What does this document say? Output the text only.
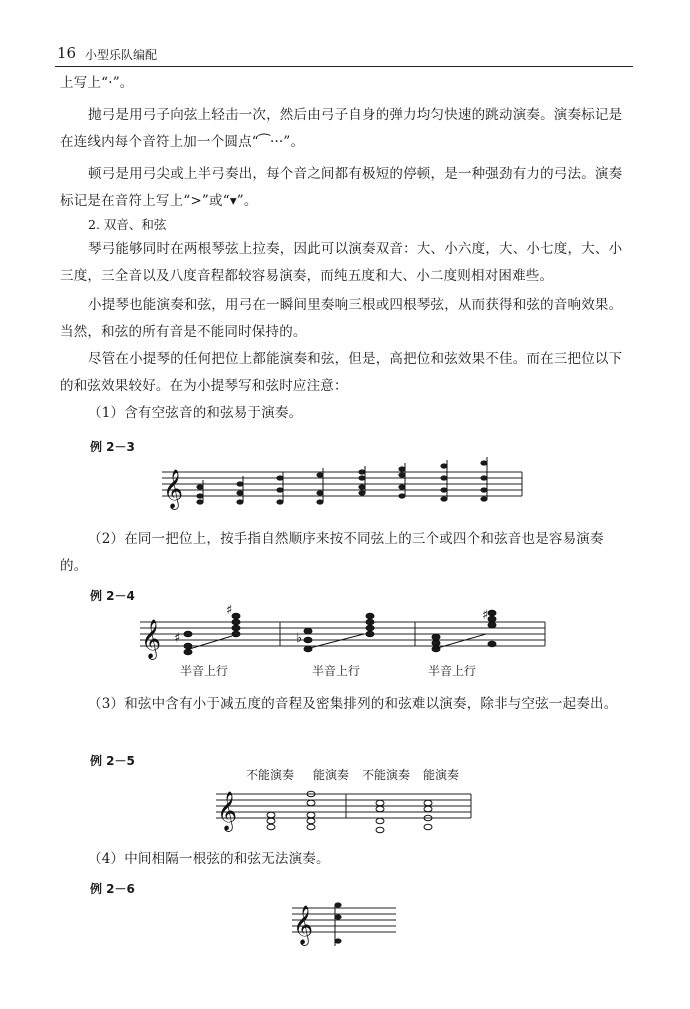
16 小型乐队编配

上写上“·”。

抛弓是用弓子向弦上轻击一次，然后由弓子自身的弹力均匀快速的跳动演奏。演奏标记是在连线内每个音符上加一个圆点“⁀···”。

顿弓是用弓尖或上半弓奏出，每个音之间都有极短的停顿，是一种强劲有力的弓法。演奏标记是在音符上写上“>”或“▾”。

2. 双音、和弦

琴弓能够同时在两根琴弦上拉奏，因此可以演奏双音：大、小六度，大、小七度，大、小三度，三全音以及八度音程都较容易演奏，而纯五度和大、小二度则相对困难些。

小提琴也能演奏和弦，用弓在一瞬间里奏响三根或四根琴弦，从而获得和弦的音响效果。当然，和弦的所有音是不能同时保持的。

尽管在小提琴的任何把位上都能演奏和弦，但是，高把位和弦效果不佳。而在三把位以下的和弦效果较好。在为小提琴写和弦时应注意：

（1）含有空弦音的和弦易于演奏。

例 2－3

𝄞

（2）在同一把位上，按手指自然顺序来按不同弦上的三个或四个和弦音也是容易演奏的。

例 2－4

𝄞 ♯
♯
♭
♯
半音上行	半音上行	半音上行

（3）和弦中含有小于减五度的音程及密集排列的和弦难以演奏，除非与空弦一起奏出。

例 2－5

不能演奏 能演奏 不能演奏 能演奏
𝄞

（4）中间相隔一根弦的和弦无法演奏。

例 2－6

𝄞
